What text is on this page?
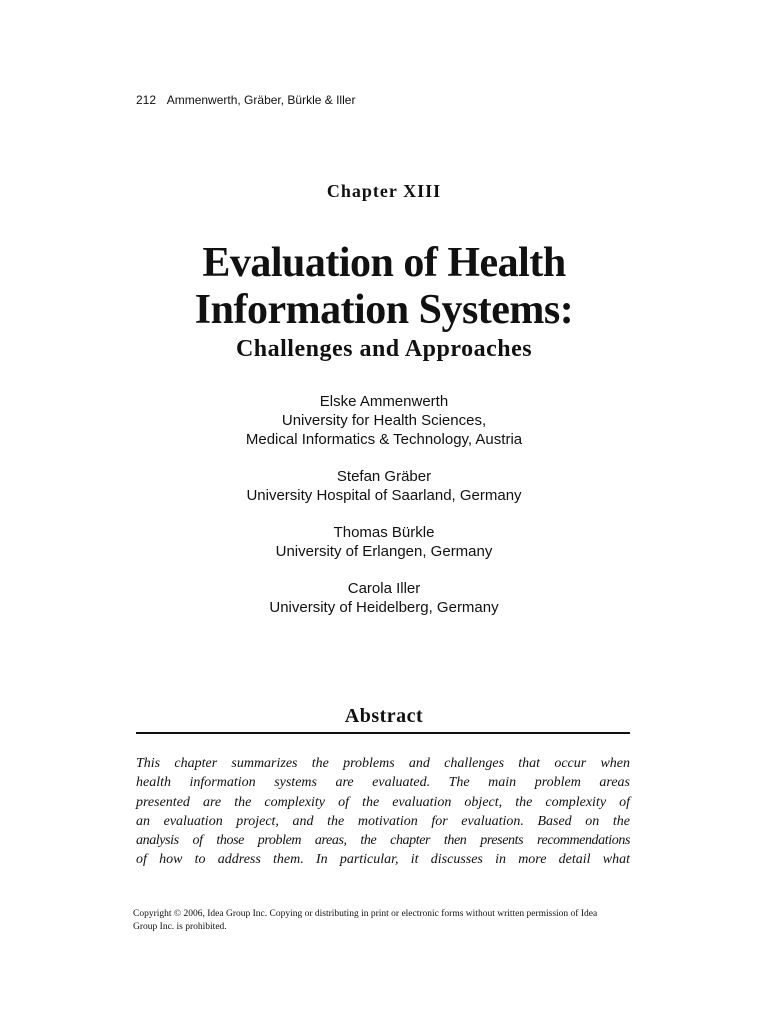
212 Ammenwerth, Gräber, Bürkle & Iller
Chapter XIII
Evaluation of Health
Information Systems:
Challenges and Approaches
Elske Ammenwerth
University for Health Sciences,
Medical Informatics & Technology, Austria
Stefan Gräber
University Hospital of Saarland, Germany
Thomas Bürkle
University of Erlangen, Germany
Carola Iller
University of Heidelberg, Germany
Abstract
This chapter summarizes the problems and challenges that occur when
health information systems are evaluated. The main problem areas
presented are the complexity of the evaluation object, the complexity of
an evaluation project, and the motivation for evaluation. Based on the
analysis of those problem areas, the chapter then presents recommendations
of how to address them. In particular, it discusses in more detail what
Copyright © 2006, Idea Group Inc. Copying or distributing in print or electronic forms without written permission of Idea
Group Inc. is prohibited.
